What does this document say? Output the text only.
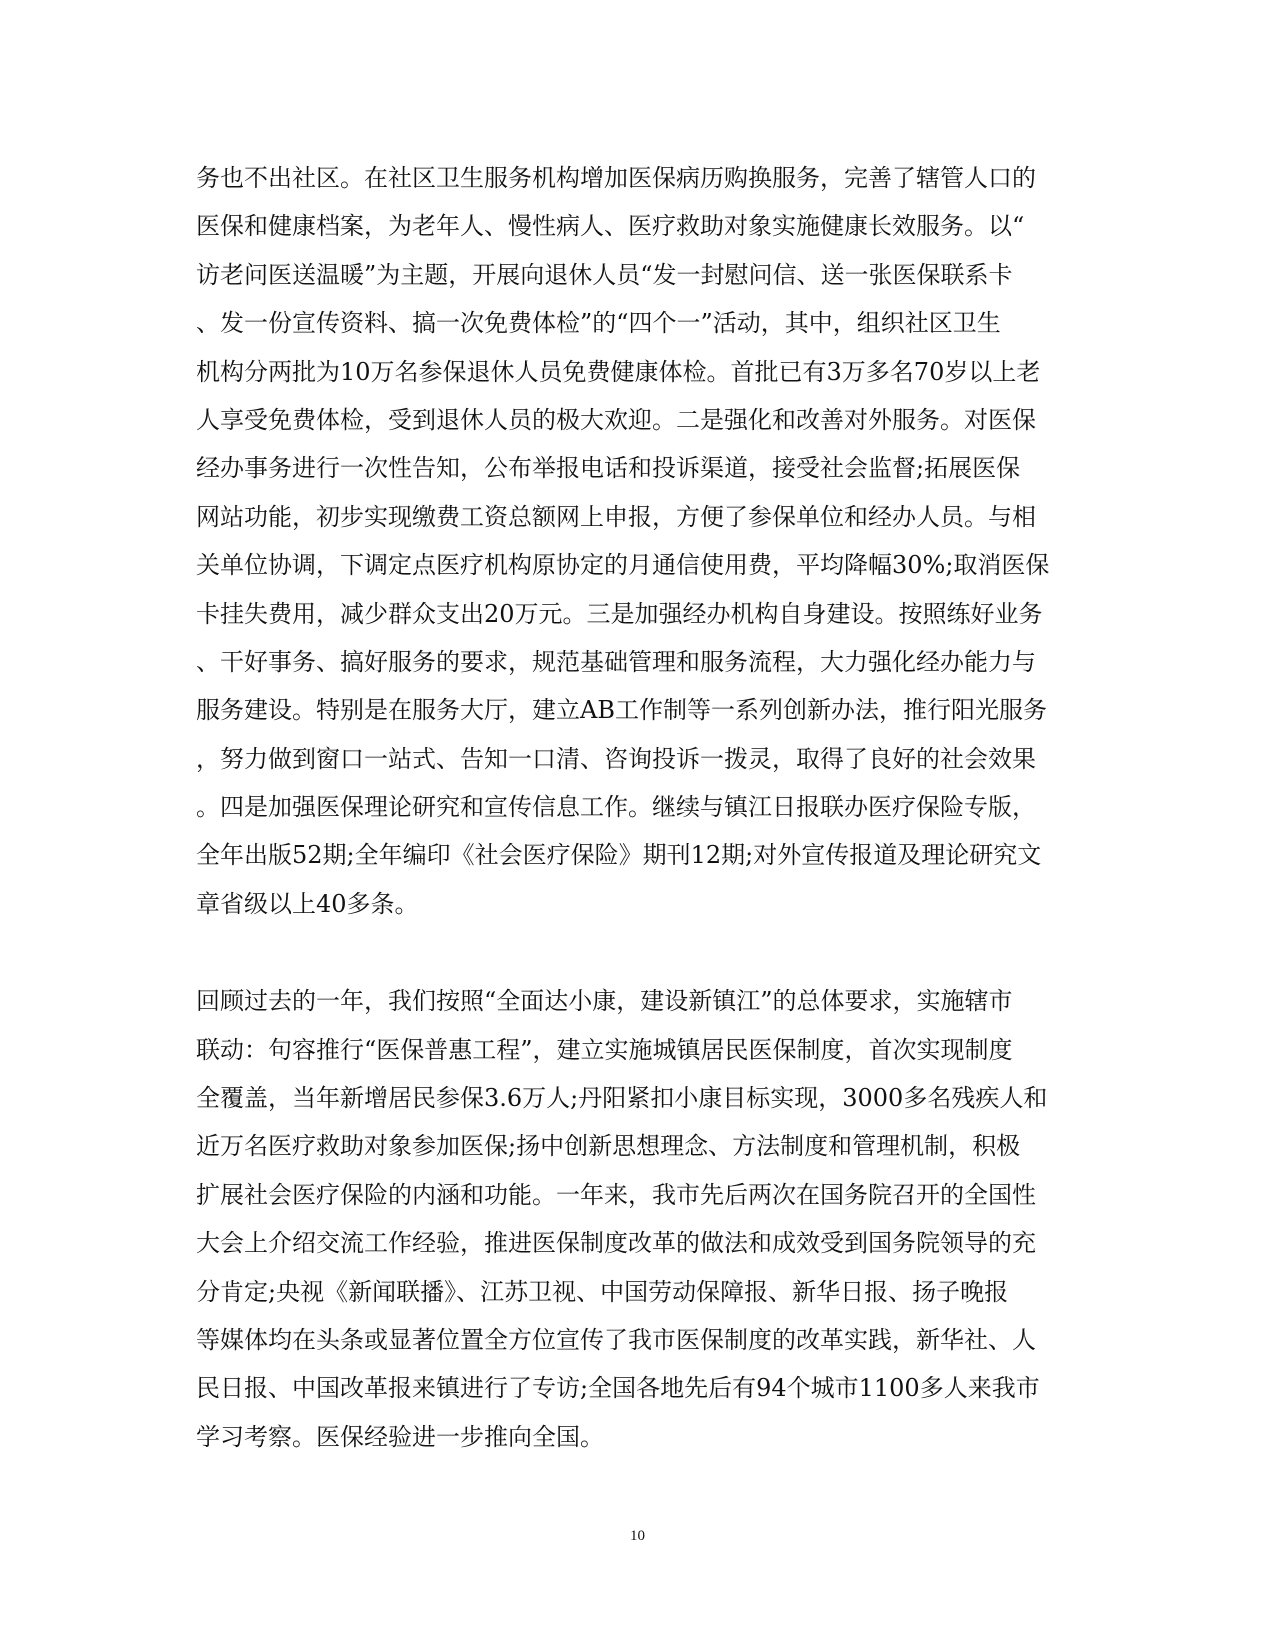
务也不出社区。在社区卫生服务机构增加医保病历购换服务，完善了辖管人口的
医保和健康档案，为老年人、慢性病人、医疗救助对象实施健康长效服务。以“
访老问医送温暖”为主题，开展向退休人员“发一封慰问信、送一张医保联系卡
、发一份宣传资料、搞一次免费体检”的“四个一”活动，其中，组织社区卫生
机构分两批为10万名参保退休人员免费健康体检。首批已有3万多名70岁以上老
人享受免费体检，受到退休人员的极大欢迎。二是强化和改善对外服务。对医保
经办事务进行一次性告知，公布举报电话和投诉渠道，接受社会监督;拓展医保
网站功能，初步实现缴费工资总额网上申报，方便了参保单位和经办人员。与相
关单位协调，下调定点医疗机构原协定的月通信使用费，平均降幅30%;取消医保
卡挂失费用，减少群众支出20万元。三是加强经办机构自身建设。按照练好业务
、干好事务、搞好服务的要求，规范基础管理和服务流程，大力强化经办能力与
服务建设。特别是在服务大厅，建立AB工作制等一系列创新办法，推行阳光服务
，努力做到窗口一站式、告知一口清、咨询投诉一拨灵，取得了良好的社会效果
。四是加强医保理论研究和宣传信息工作。继续与镇江日报联办医疗保险专版，
全年出版52期;全年编印《社会医疗保险》期刊12期;对外宣传报道及理论研究文
章省级以上40多条。
回顾过去的一年，我们按照“全面达小康，建设新镇江”的总体要求，实施辖市
联动：句容推行“医保普惠工程”，建立实施城镇居民医保制度，首次实现制度
全覆盖，当年新增居民参保3.6万人;丹阳紧扣小康目标实现，3000多名残疾人和
近万名医疗救助对象参加医保;扬中创新思想理念、方法制度和管理机制，积极
扩展社会医疗保险的内涵和功能。一年来，我市先后两次在国务院召开的全国性
大会上介绍交流工作经验，推进医保制度改革的做法和成效受到国务院领导的充
分肯定;央视《新闻联播》、江苏卫视、中国劳动保障报、新华日报、扬子晚报
等媒体均在头条或显著位置全方位宣传了我市医保制度的改革实践，新华社、人
民日报、中国改革报来镇进行了专访;全国各地先后有94个城市1100多人来我市
学习考察。医保经验进一步推向全国。
10
